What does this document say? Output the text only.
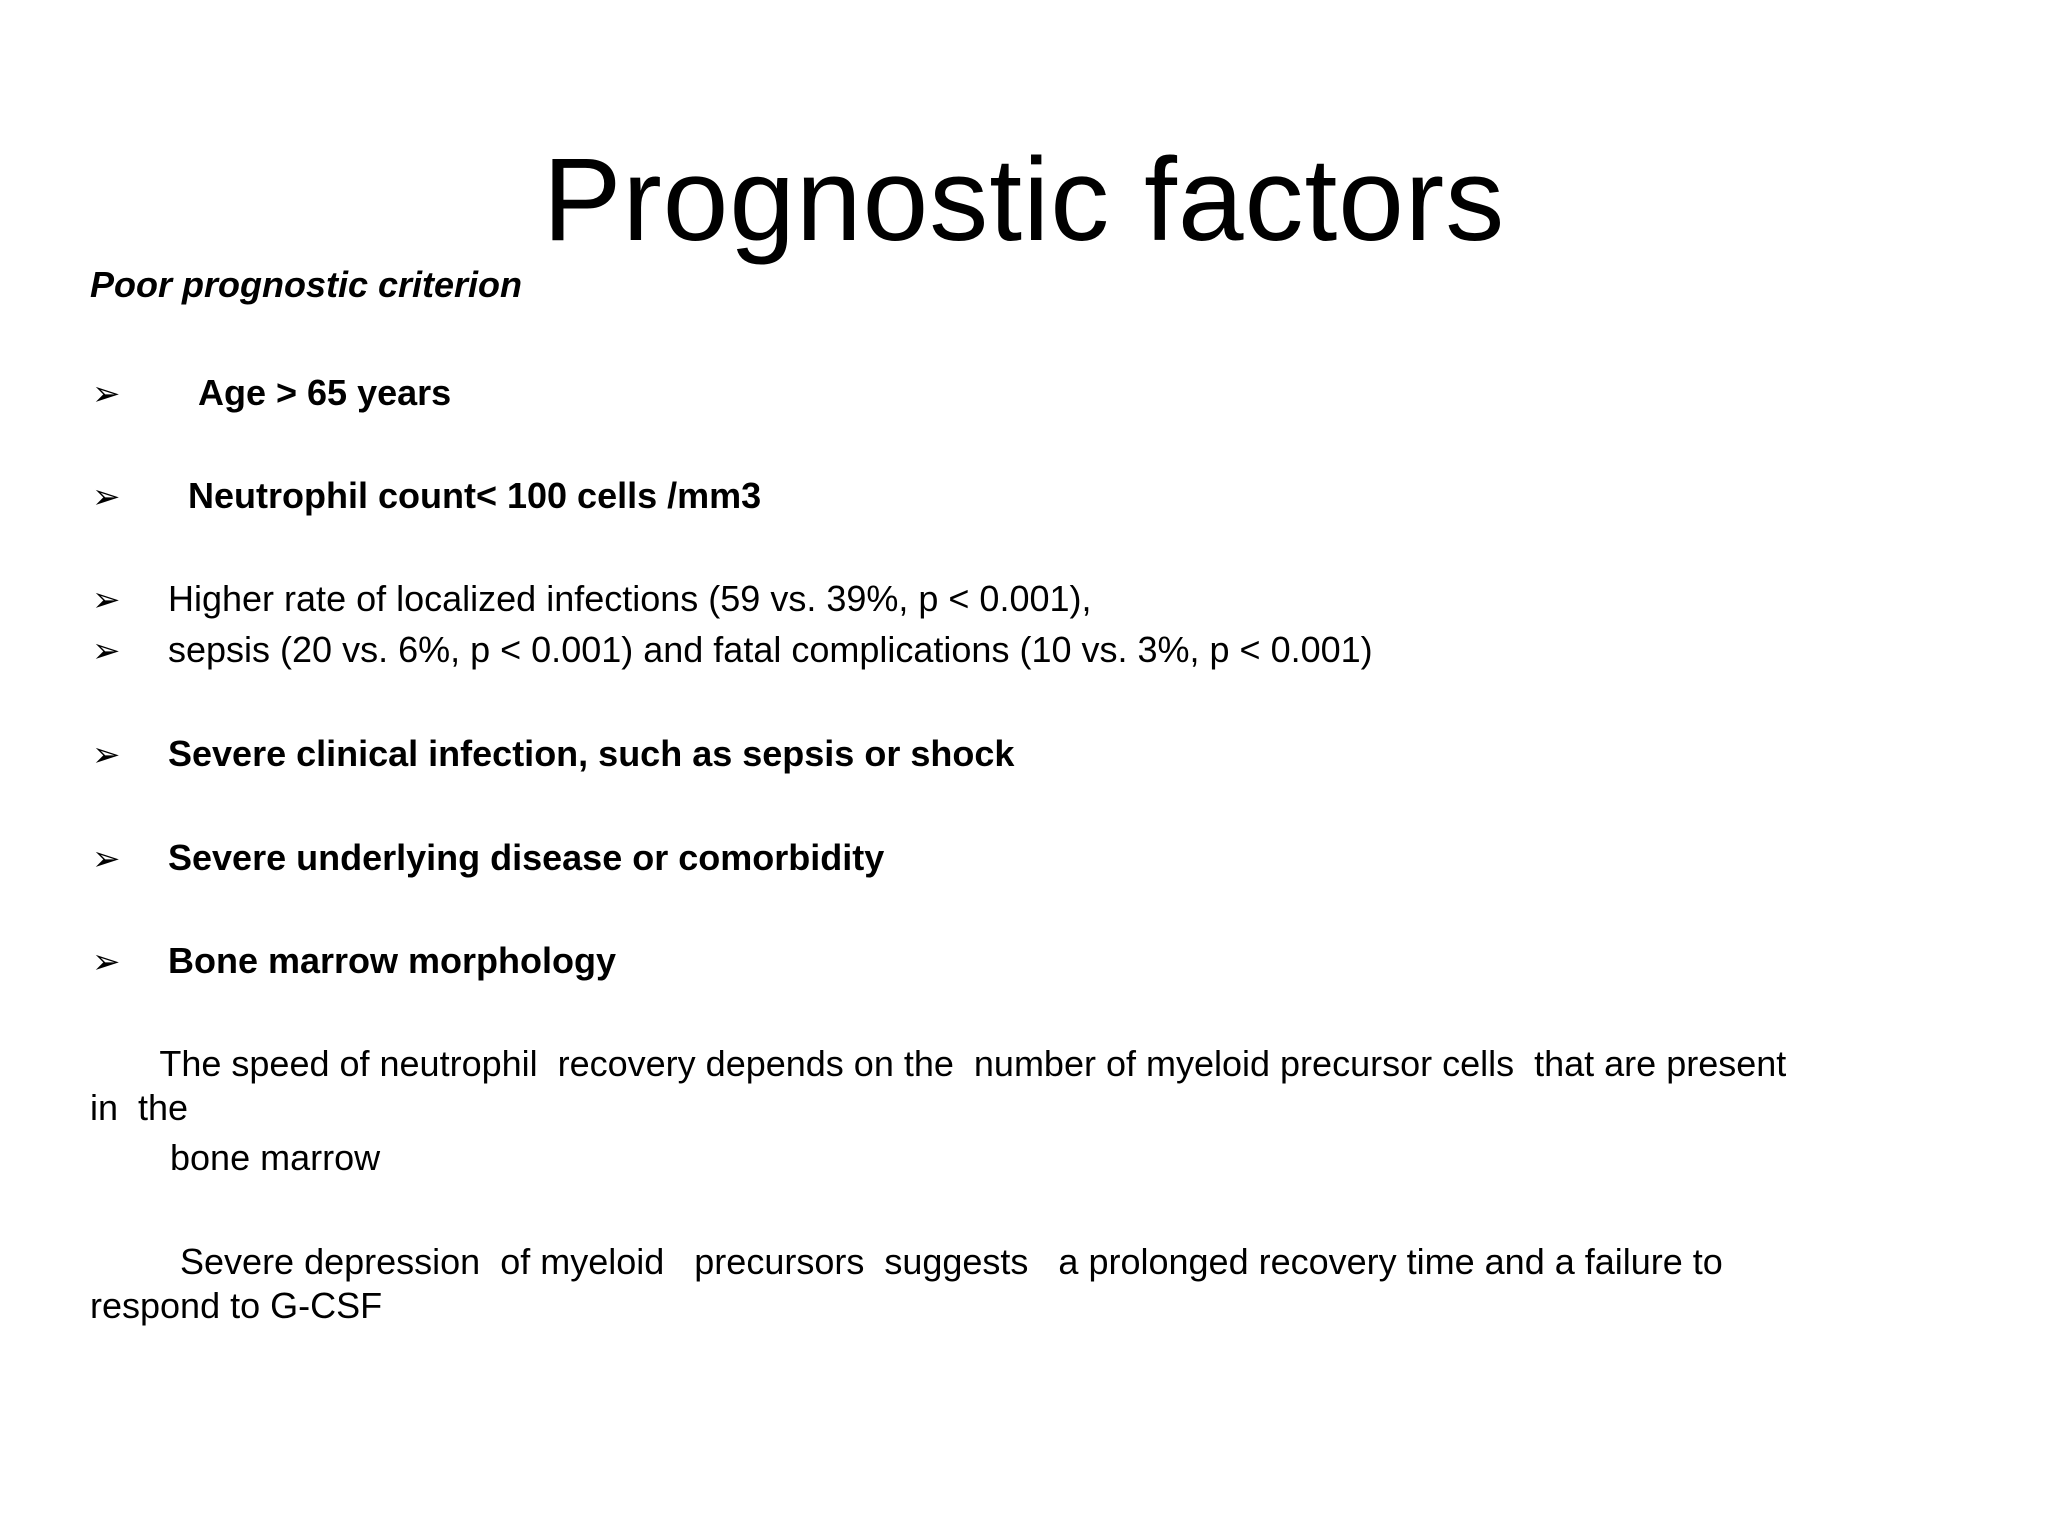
Prognostic factors
Poor prognostic criterion
➢	Age > 65 years
➢	Neutrophil count< 100 cells /mm3
➢	Higher rate of localized infections (59 vs. 39%, p < 0.001),
➢	sepsis (20 vs. 6%, p < 0.001) and fatal complications (10 vs. 3%, p < 0.001)
➢	Severe clinical infection, such as sepsis or shock
➢	Severe underlying disease or comorbidity
➢	Bone marrow morphology
The speed of neutrophil  recovery depends on the  number of myeloid precursor cells  that are present
in  the
bone marrow
Severe depression  of myeloid   precursors  suggests   a prolonged recovery time and a failure to
respond to G-CSF
